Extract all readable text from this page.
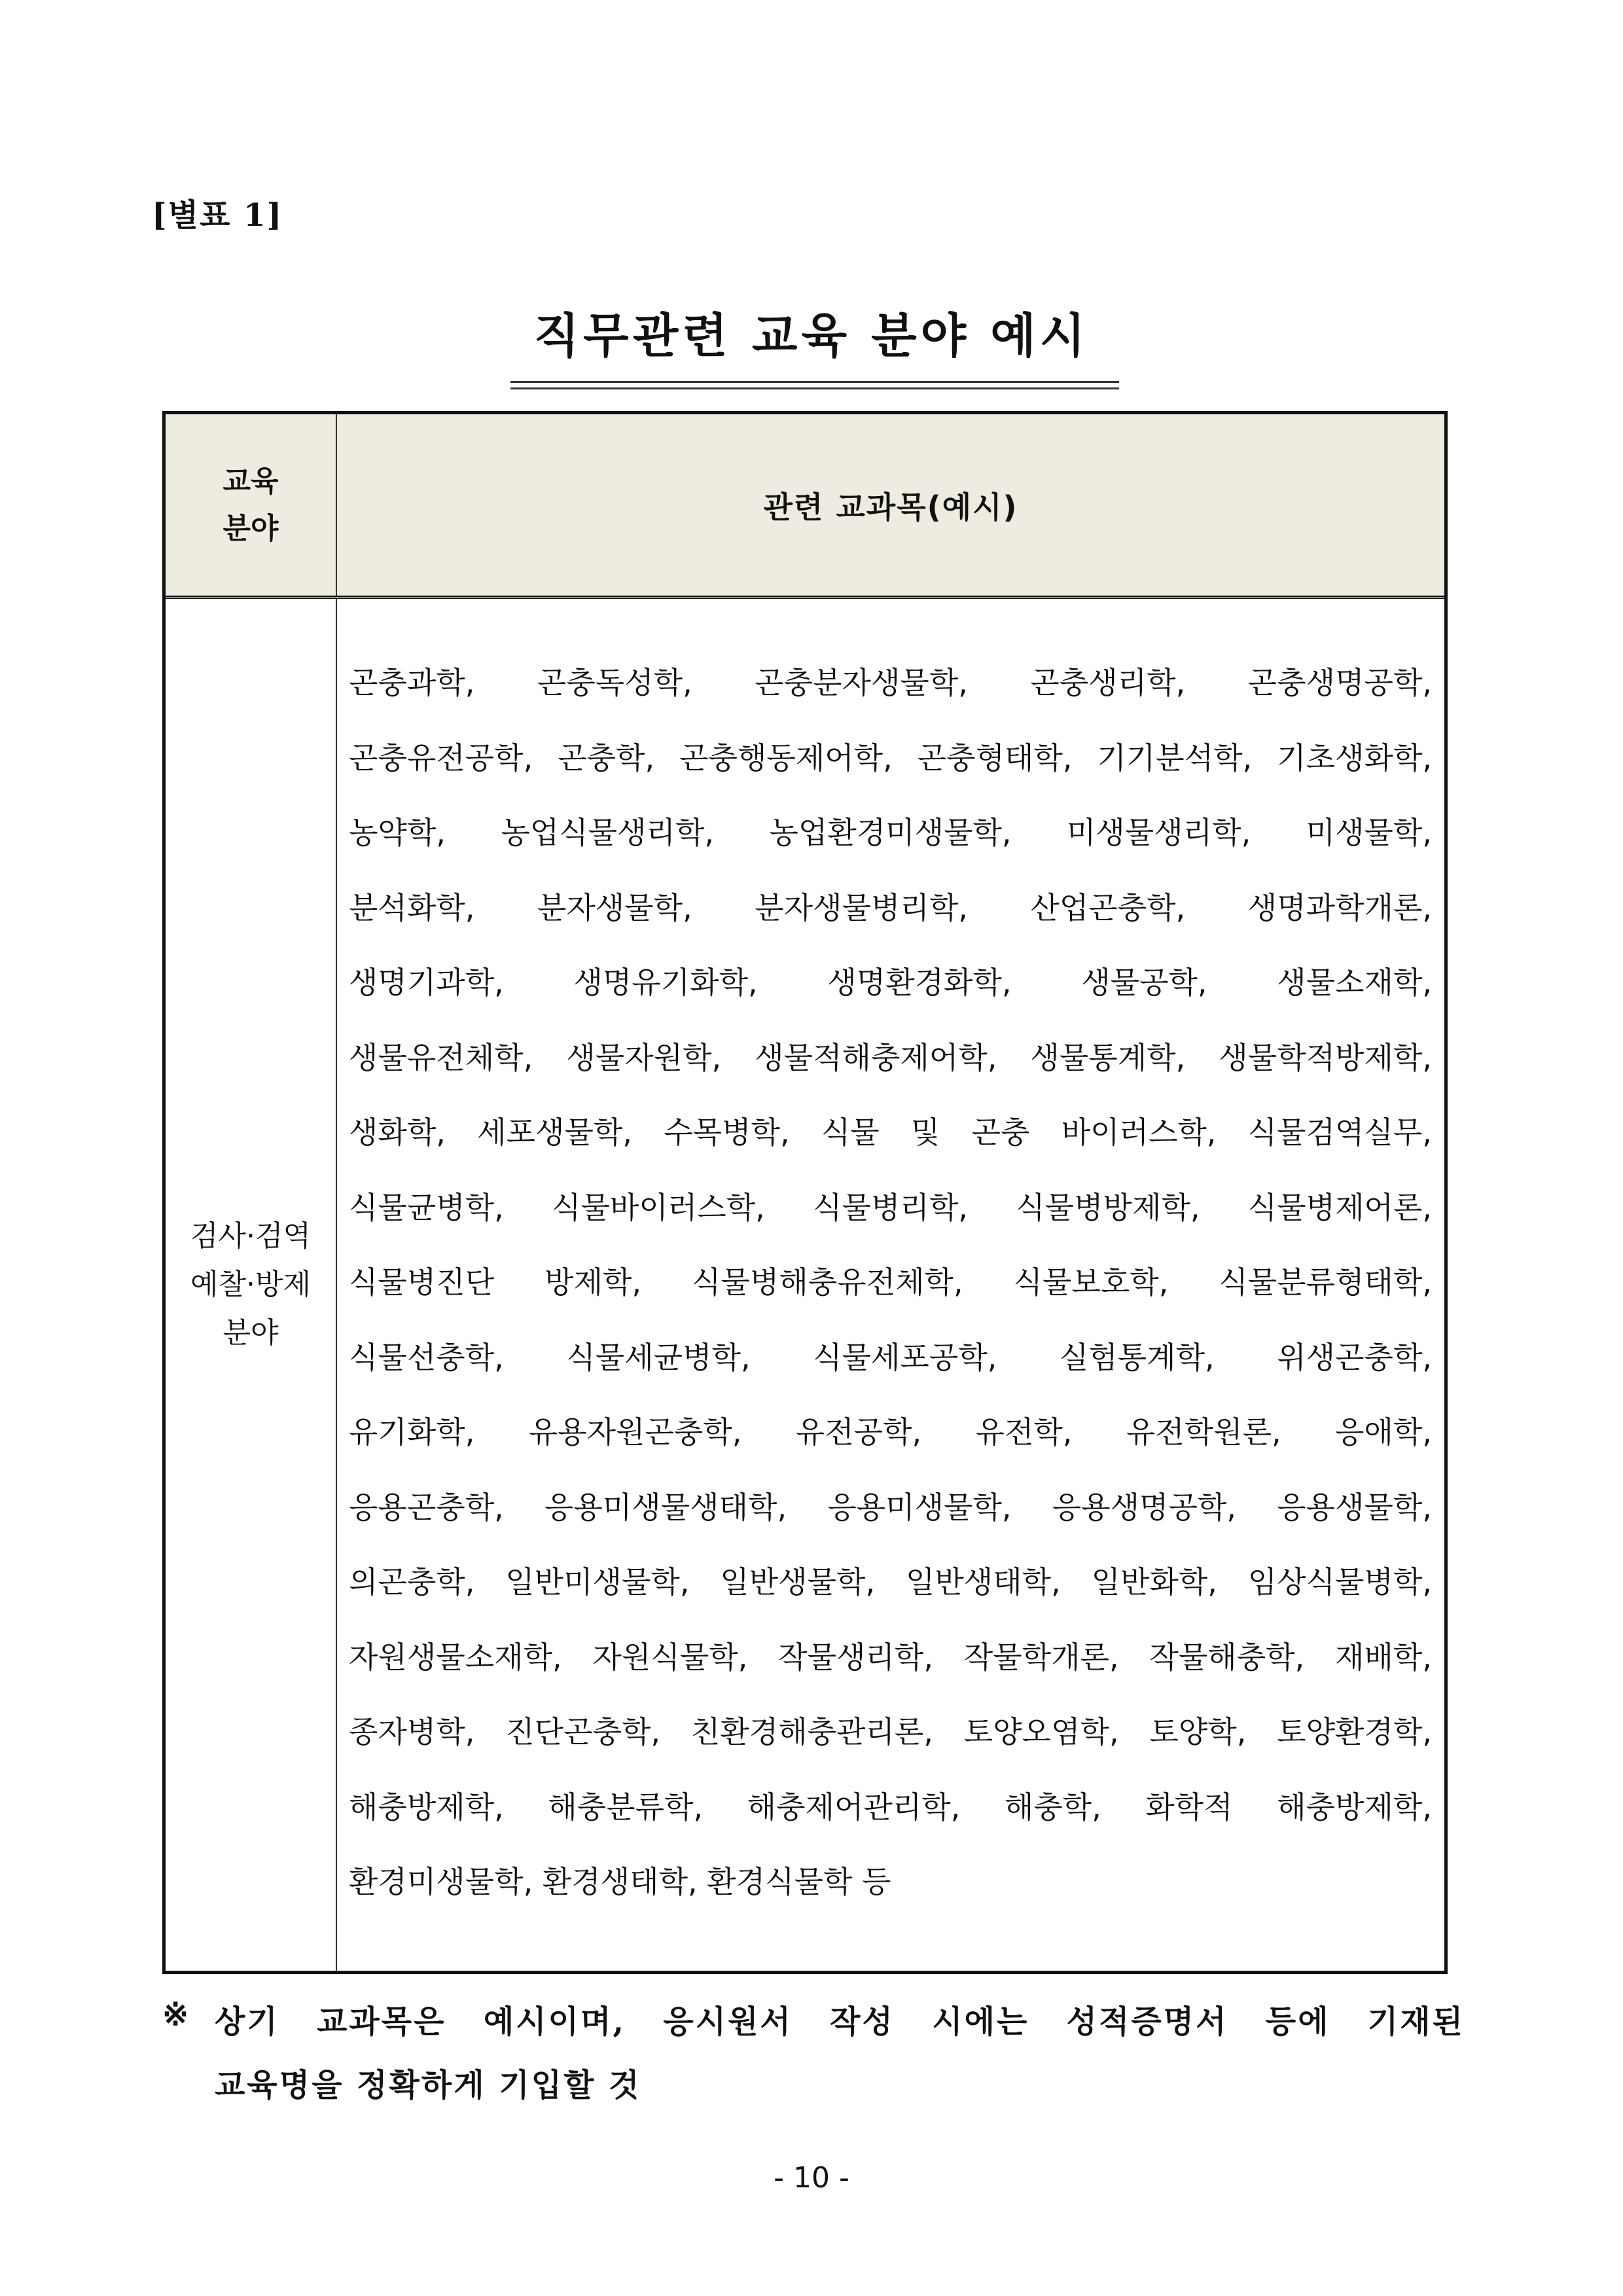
[별표 1]
직무관련 교육 분야 예시
교육
분야
관련 교과목(예시)
검사·검역
예찰·방제
분야
곤충과학, 곤충독성학, 곤충분자생물학, 곤충생리학, 곤충생명공학,
곤충유전공학, 곤충학, 곤충행동제어학, 곤충형태학, 기기분석학, 기초생화학,
농약학, 농업식물생리학, 농업환경미생물학, 미생물생리학, 미생물학,
분석화학, 분자생물학, 분자생물병리학, 산업곤충학, 생명과학개론,
생명기과학, 생명유기화학, 생명환경화학, 생물공학, 생물소재학,
생물유전체학, 생물자원학, 생물적해충제어학, 생물통계학, 생물학적방제학,
생화학, 세포생물학, 수목병학, 식물 및 곤충 바이러스학, 식물검역실무,
식물균병학, 식물바이러스학, 식물병리학, 식물병방제학, 식물병제어론,
식물병진단 방제학, 식물병해충유전체학, 식물보호학, 식물분류형태학,
식물선충학, 식물세균병학, 식물세포공학, 실험통계학, 위생곤충학,
유기화학, 유용자원곤충학, 유전공학, 유전학, 유전학원론, 응애학,
응용곤충학, 응용미생물생태학, 응용미생물학, 응용생명공학, 응용생물학,
의곤충학, 일반미생물학, 일반생물학, 일반생태학, 일반화학, 임상식물병학,
자원생물소재학, 자원식물학, 작물생리학, 작물학개론, 작물해충학, 재배학,
종자병학, 진단곤충학, 친환경해충관리론, 토양오염학, 토양학, 토양환경학,
해충방제학, 해충분류학, 해충제어관리학, 해충학, 화학적 해충방제학,
환경미생물학, 환경생태학, 환경식물학 등
※ 상기 교과목은 예시이며, 응시원서 작성 시에는 성적증명서 등에 기재된
교육명을 정확하게 기입할 것
- 10 -
